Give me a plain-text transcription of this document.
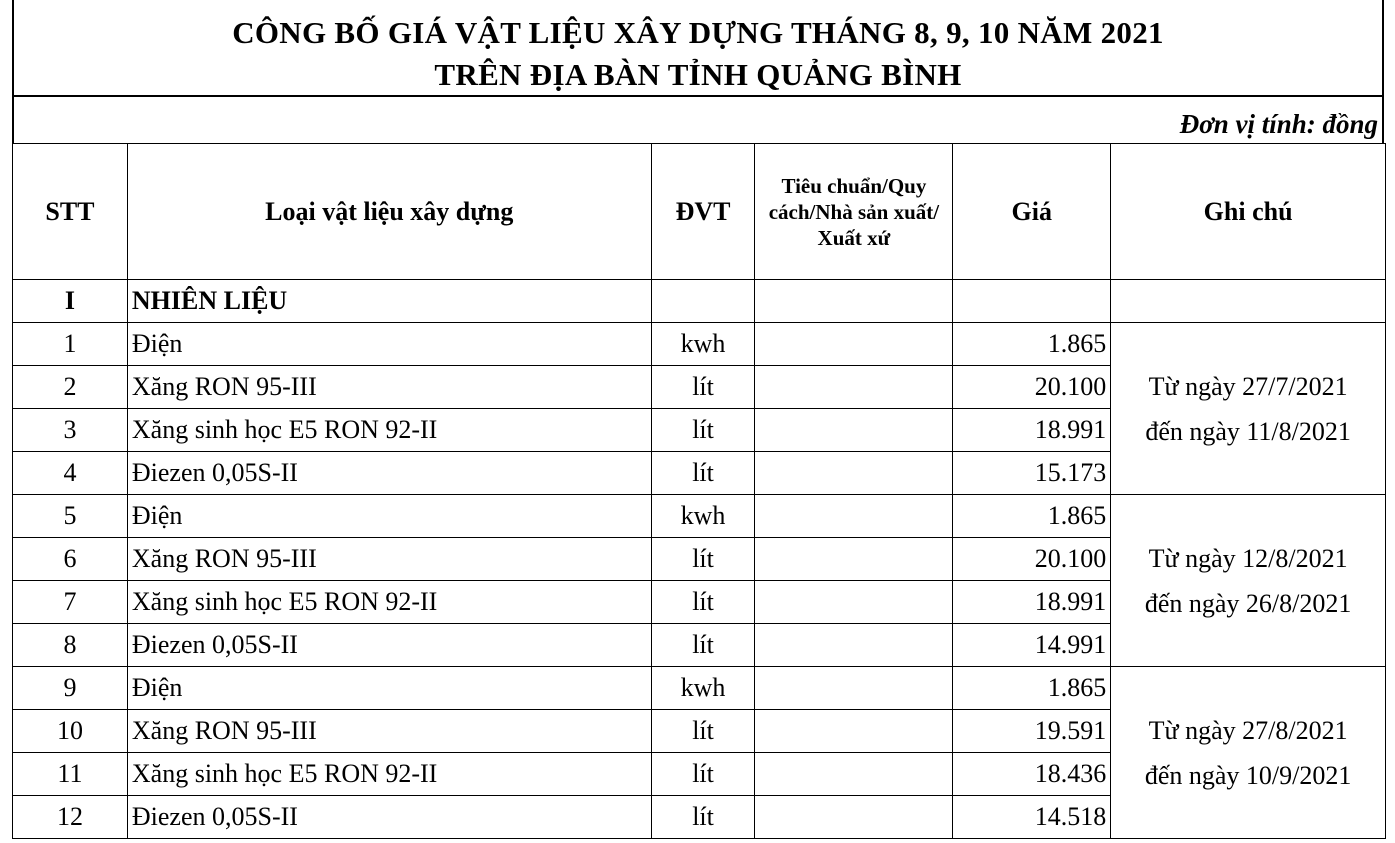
CÔNG BỐ GIÁ VẬT LIỆU XÂY DỰNG THÁNG 8, 9, 10 NĂM 2021
TRÊN ĐỊA BÀN TỈNH QUẢNG BÌNH
Đơn vị tính: đồng
STT	Loại vật liệu xây dựng	ĐVT	Tiêu chuẩn/Quy cách/Nhà sản xuất/ Xuất xứ	Giá	Ghi chú
I	NHIÊN LIỆU				
1	Điện	kwh		1.865	Từ ngày 27/7/2021
đến ngày 11/8/2021

2	Xăng RON 95-III	lít		20.100	
3	Xăng sinh học E5 RON 92-II	lít		18.991	
4	Điezen 0,05S-II	lít		15.173	
5	Điện	kwh		1.865	Từ ngày 12/8/2021
đến ngày 26/8/2021

6	Xăng RON 95-III	lít		20.100	
7	Xăng sinh học E5 RON 92-II	lít		18.991	
8	Điezen 0,05S-II	lít		14.991	
9	Điện	kwh		1.865	Từ ngày 27/8/2021
đến ngày 10/9/2021

10	Xăng RON 95-III	lít		19.591	
11	Xăng sinh học E5 RON 92-II	lít		18.436	
12	Điezen 0,05S-II	lít		14.518	
